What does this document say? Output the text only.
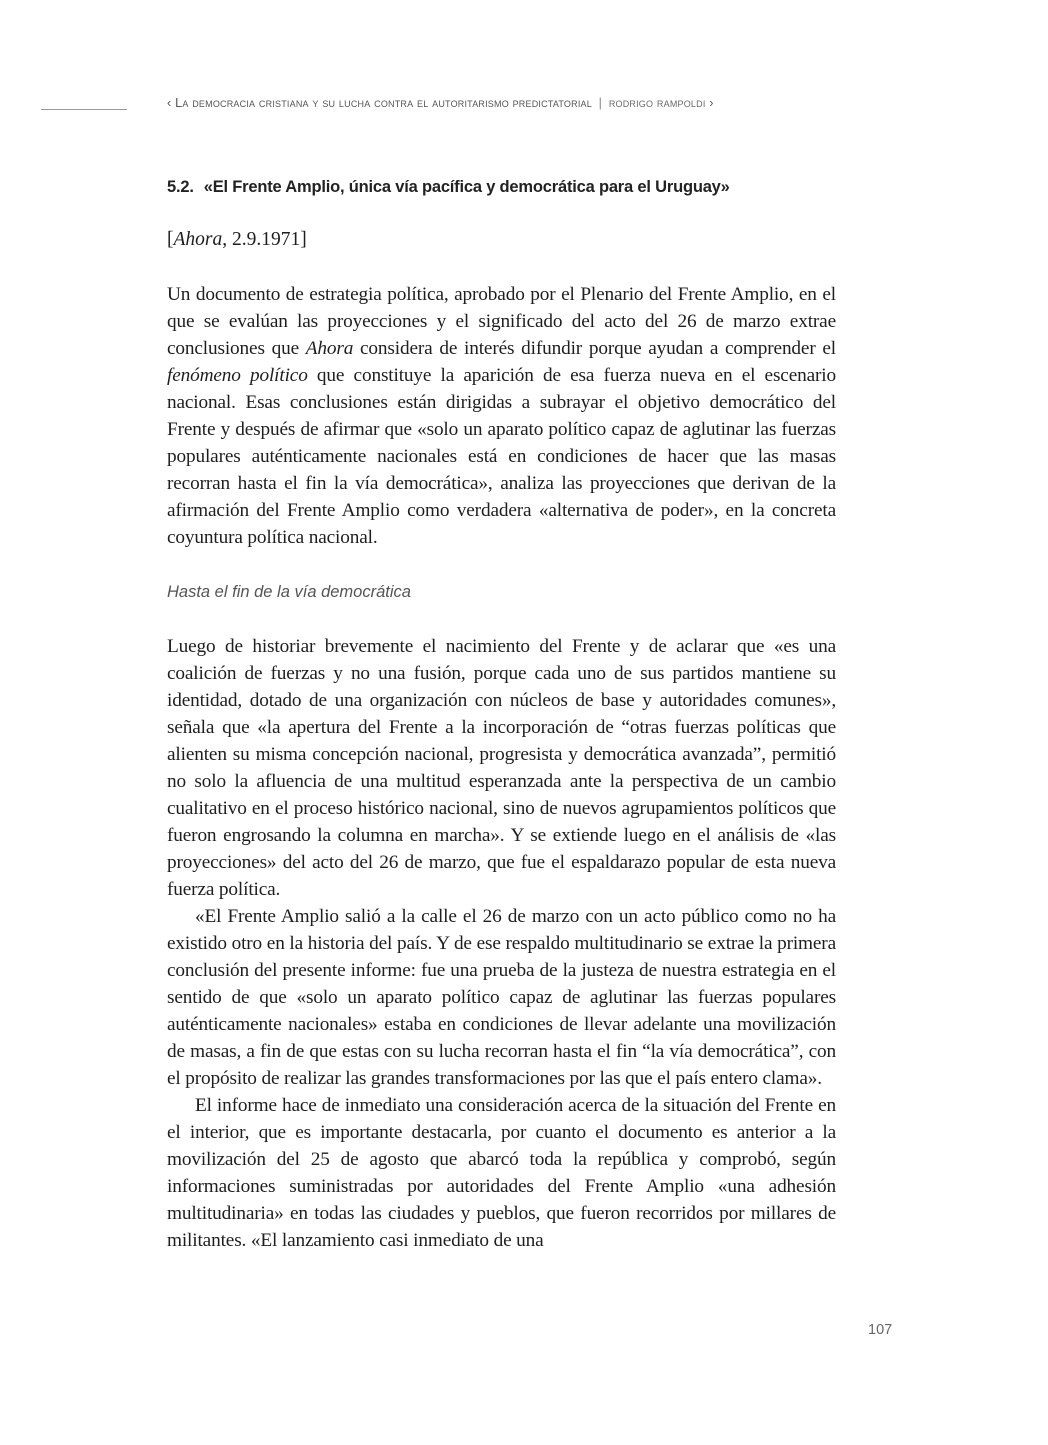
‹ La democracia cristiana y su lucha contra el autoritarismo predictatorial | rodrigo rampoldi ›
5.2. «El Frente Amplio, única vía pacífica y democrática para el Uruguay»
[Ahora, 2.9.1971]

Un documento de estrategia política, aprobado por el Plenario del Frente Amplio, en el que se evalúan las proyecciones y el significado del acto del 26 de marzo extrae conclusiones que Ahora considera de interés difundir porque ayudan a comprender el fenómeno político que constituye la aparición de esa fuerza nueva en el escenario nacional. Esas conclusiones están dirigidas a subrayar el objetivo democrático del Frente y después de afirmar que «solo un aparato político capaz de aglutinar las fuerzas populares auténticamente nacionales está en condiciones de hacer que las masas recorran hasta el fin la vía democrática», analiza las proyecciones que derivan de la afirmación del Frente Amplio como verdadera «alternativa de poder», en la concreta coyuntura política nacional.

Hasta el fin de la vía democrática

Luego de historiar brevemente el nacimiento del Frente y de aclarar que «es una coalición de fuerzas y no una fusión, porque cada uno de sus partidos mantiene su identidad, dotado de una organización con núcleos de base y autoridades comunes», señala que «la apertura del Frente a la incorporación de “otras fuerzas políticas que alienten su misma concepción nacional, progresista y democrática avanzada”, permitió no solo la afluencia de una multitud esperanzada ante la perspectiva de un cambio cualitativo en el proceso histórico nacional, sino de nuevos agrupamientos políticos que fueron engrosando la columna en marcha». Y se extiende luego en el análisis de «las proyecciones» del acto del 26 de marzo, que fue el espaldarazo popular de esta nueva fuerza política.

«El Frente Amplio salió a la calle el 26 de marzo con un acto público como no ha existido otro en la historia del país. Y de ese respaldo multitudinario se extrae la primera conclusión del presente informe: fue una prueba de la justeza de nuestra estrategia en el sentido de que «solo un aparato político capaz de aglutinar las fuerzas populares auténticamente nacionales» estaba en condiciones de llevar adelante una movilización de masas, a fin de que estas con su lucha recorran hasta el fin “la vía democrática”, con el propósito de realizar las grandes transformaciones por las que el país entero clama».

El informe hace de inmediato una consideración acerca de la situación del Frente en el interior, que es importante destacarla, por cuanto el documento es anterior a la movilización del 25 de agosto que abarcó toda la república y comprobó, según informaciones suministradas por autoridades del Frente Amplio «una adhesión multitudinaria» en todas las ciudades y pueblos, que fueron recorridos por millares de militantes. «El lanzamiento casi inmediato de una

107
